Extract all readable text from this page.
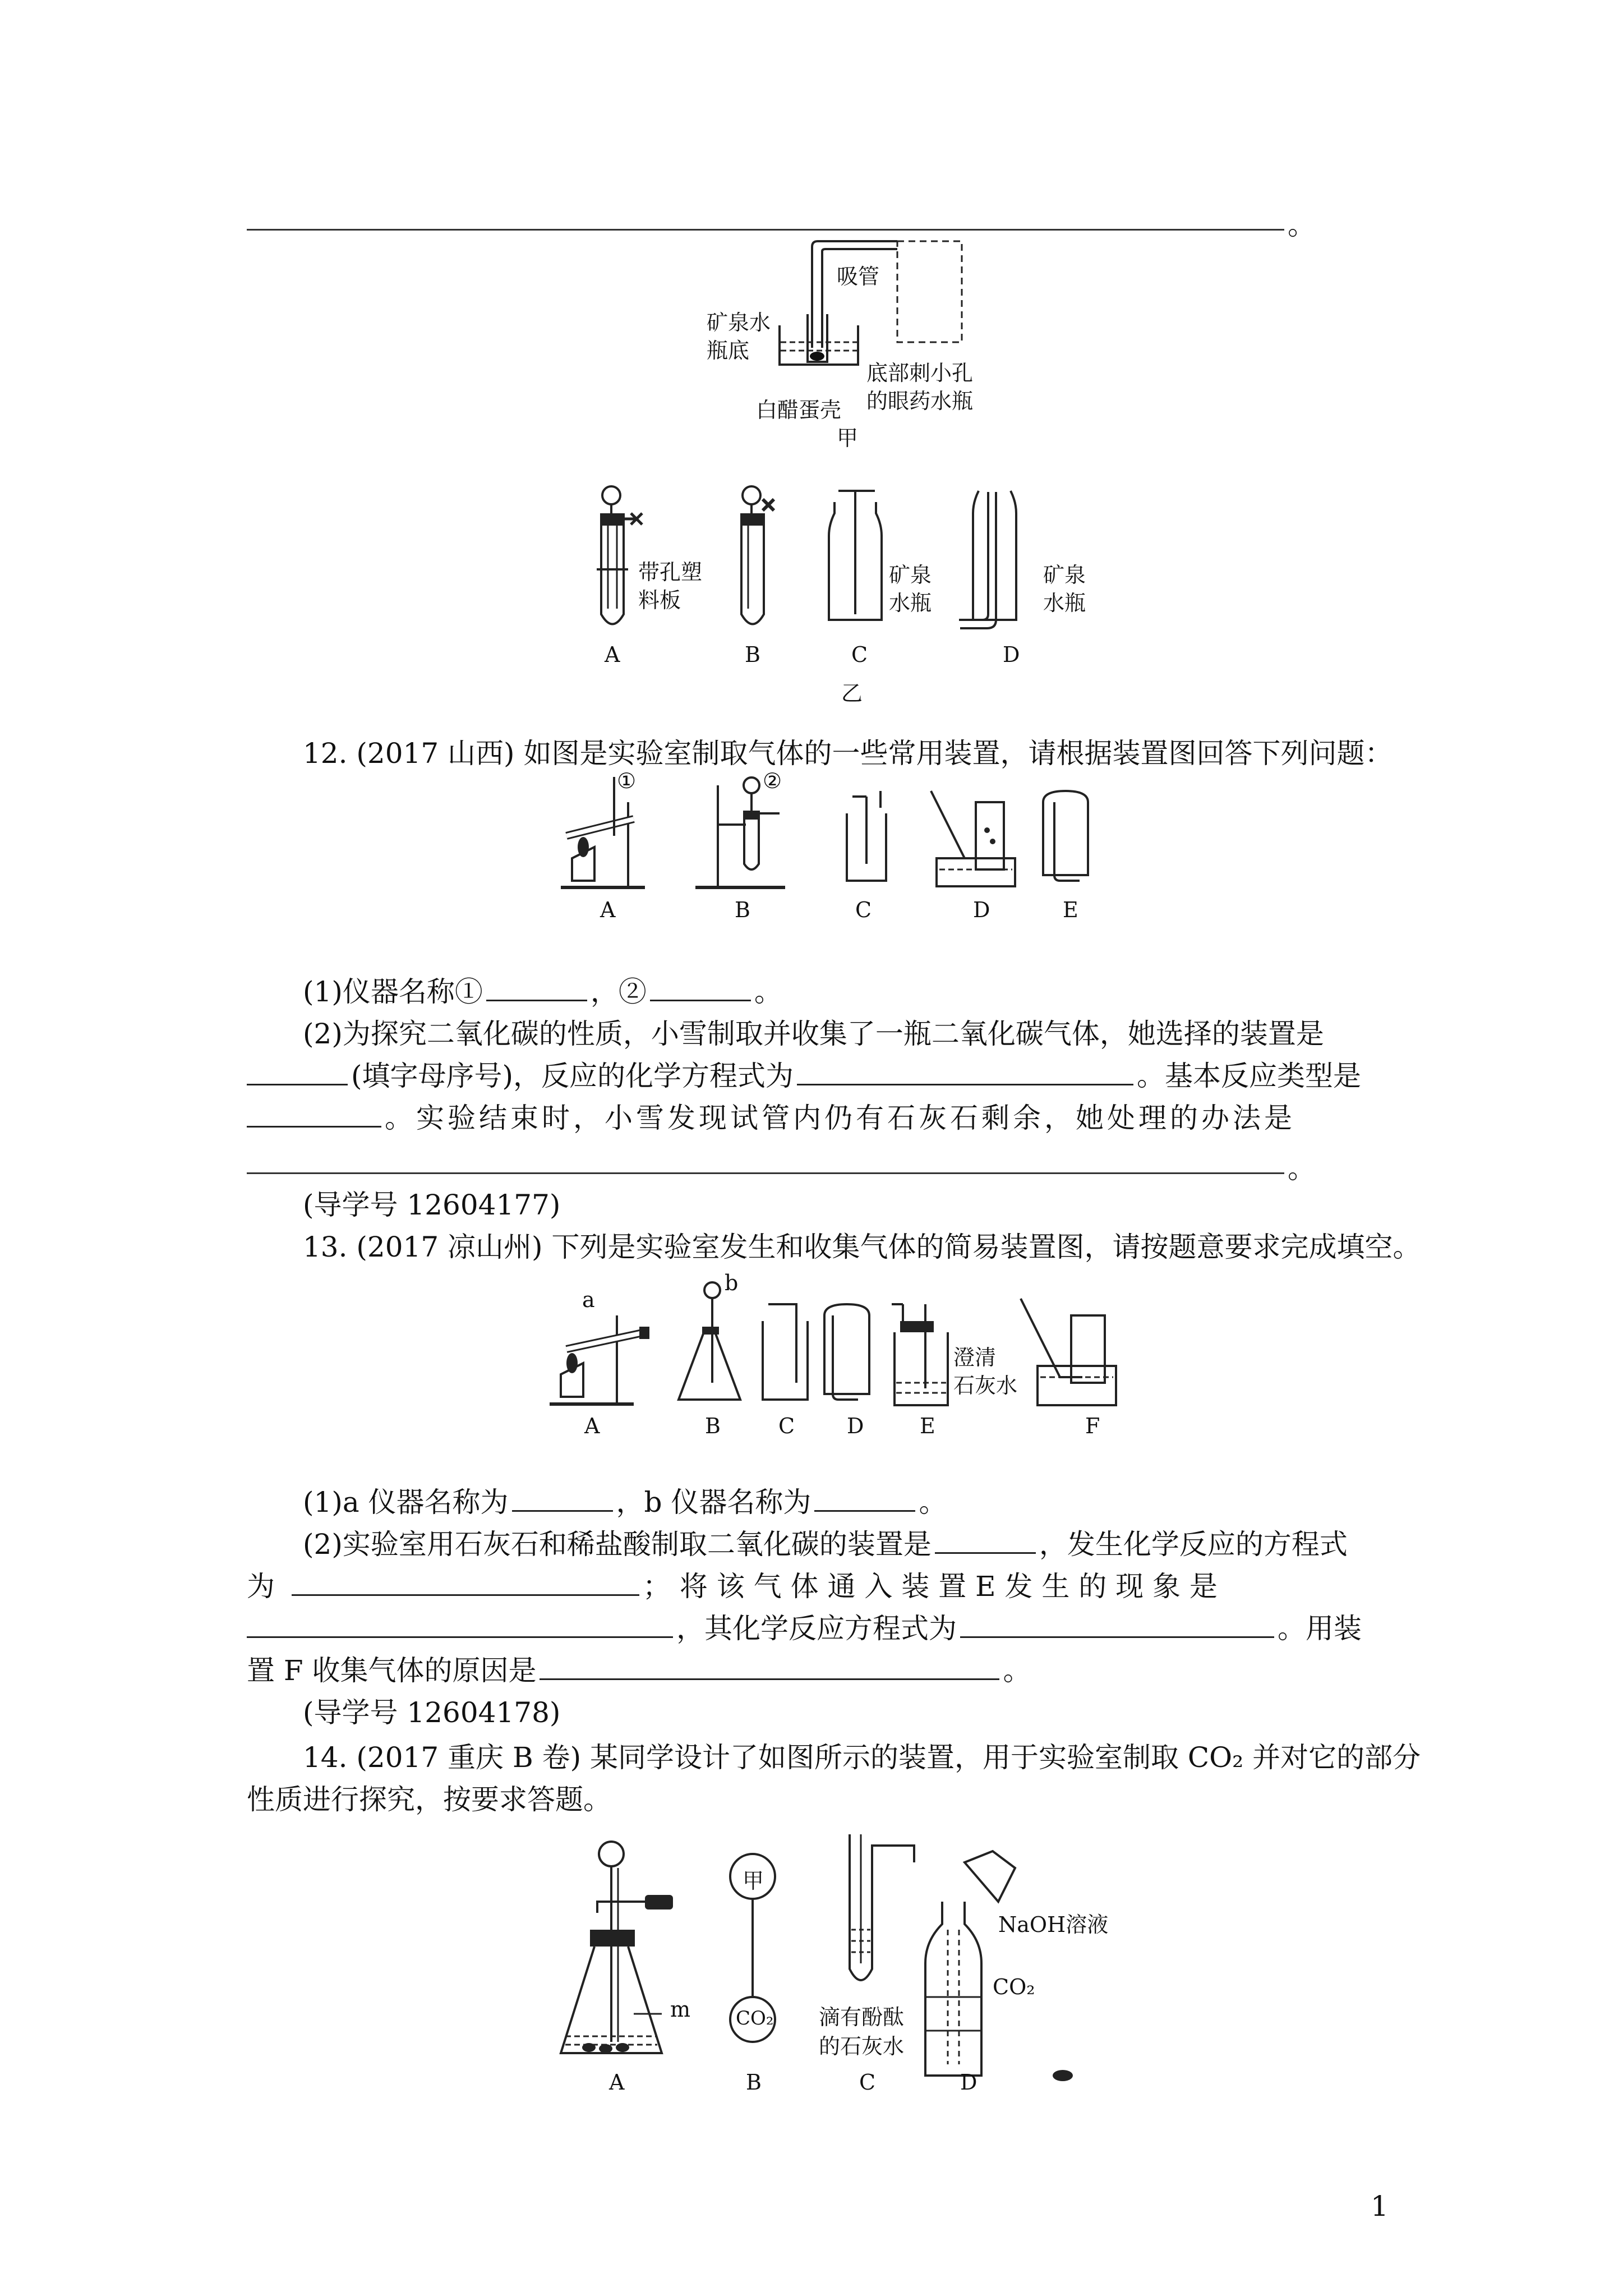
。
吸管
矿泉水
瓶底
底部刺小孔
的眼药水瓶
白醋蛋壳
甲
带孔塑
料板
矿泉
水瓶
矿泉
水瓶
A	B	C	D
乙
12. (2017 山西) 如图是实验室制取气体的一些常用装置，请根据装置图回答下列问题：
①	②
A	B	C	D	E
(1)仪器名称①	，②	。
(2)为探究二氧化碳的性质，小雪制取并收集了一瓶二氧化碳气体，她选择的装置是
(填字母序号)，反应的化学方程式为	。基本反应类型是
。实验结束时，小雪发现试管内仍有石灰石剩余，她处理的办法是
。
(导学号 12604177)
13. (2017 凉山州) 下列是实验室发生和收集气体的简易装置图，请按题意要求完成填空。
a
b
澄清
石灰水
A	B	C D	E	F
(1)a 仪器名称为	，b 仪器名称为	。
(2)实验室用石灰石和稀盐酸制取二氧化碳的装置是	，发生化学反应的方程式
为	； 将 该 气 体 通 入 装 置 E 发 生 的 现 象 是
，其化学反应方程式为	。用装
置 F 收集气体的原因是	。
(导学号 12604178)
14. (2017 重庆 B 卷) 某同学设计了如图所示的装置，用于实验室制取 CO₂ 并对它的部分
性质进行探究，按要求答题。
m
甲
CO₂ 滴有酚酞
的石灰水
NaOH溶液
CO₂
A	B	C	D
1
